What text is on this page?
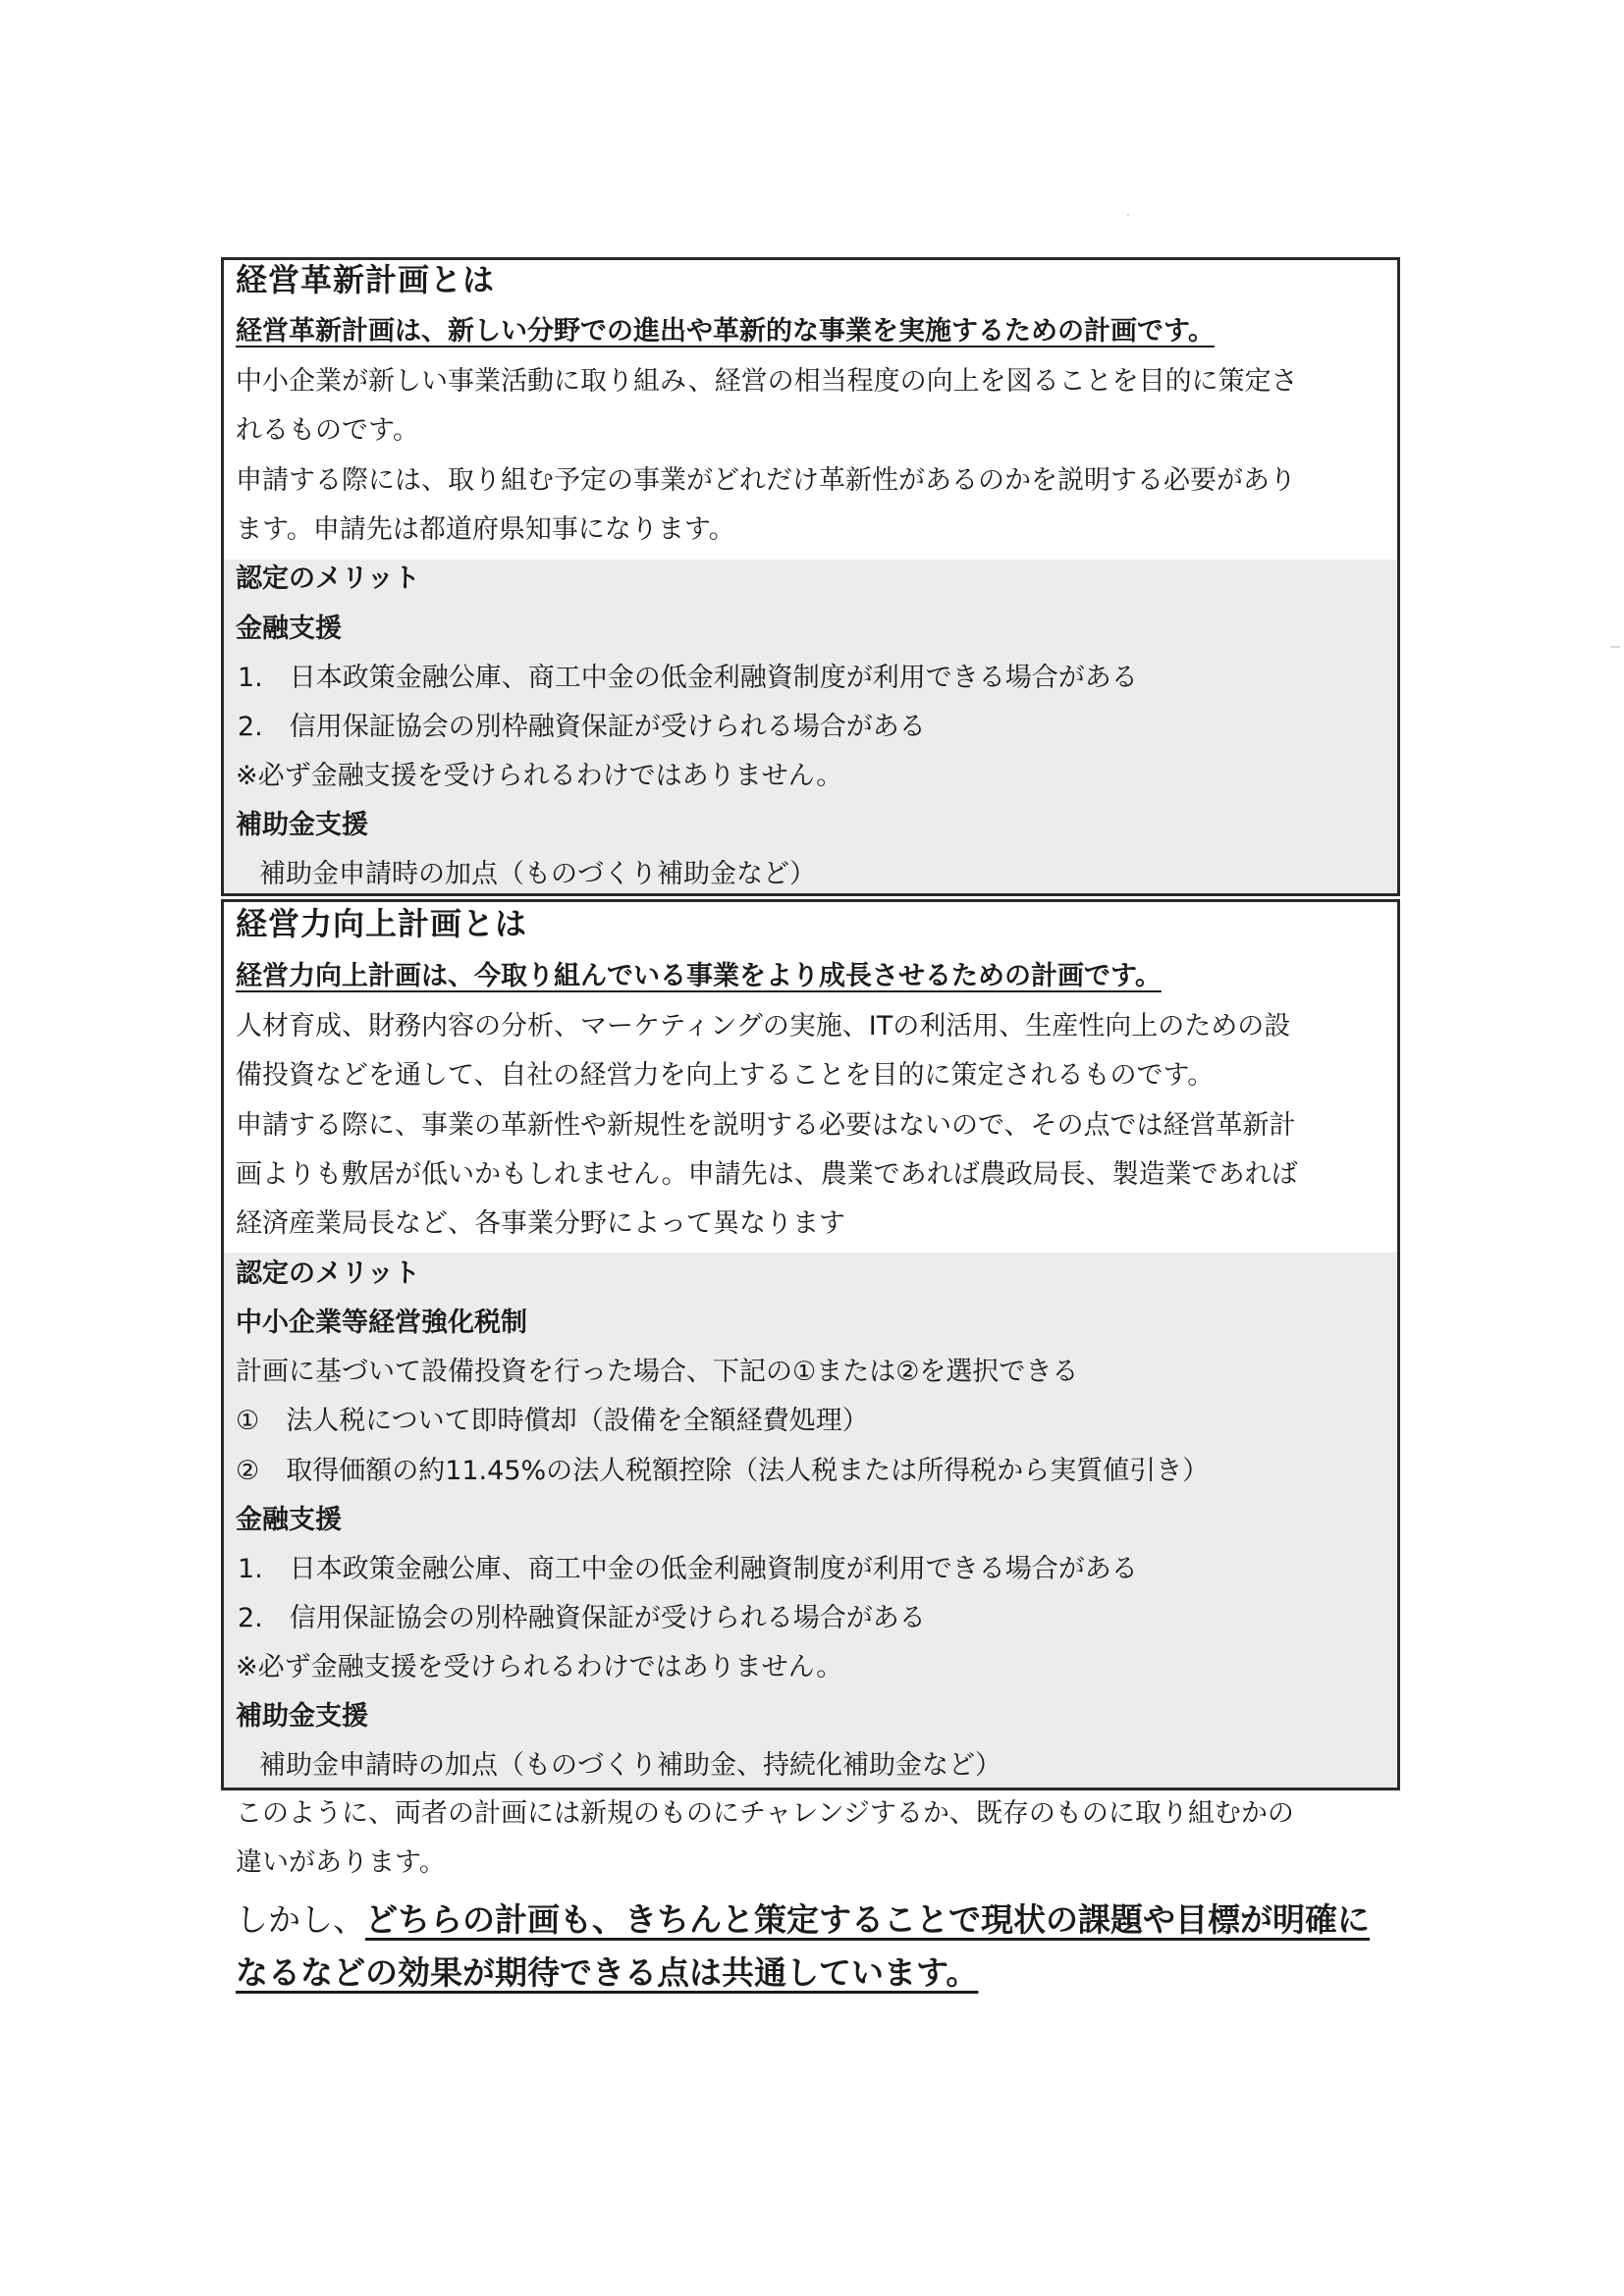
経営革新計画とは
経営革新計画は、新しい分野での進出や革新的な事業を実施するための計画です。
中小企業が新しい事業活動に取り組み、経営の相当程度の向上を図ることを目的に策定さ
れるものです。
申請する際には、取り組む予定の事業がどれだけ革新性があるのかを説明する必要があり
ます。申請先は都道府県知事になります。
認定のメリット
金融支援
1.　日本政策金融公庫、商工中金の低金利融資制度が利用できる場合がある
2.　信用保証協会の別枠融資保証が受けられる場合がある
※必ず金融支援を受けられるわけではありません。
補助金支援
補助金申請時の加点（ものづくり補助金など）
経営力向上計画とは
経営力向上計画は、今取り組んでいる事業をより成長させるための計画です。
人材育成、財務内容の分析、マーケティングの実施、ITの利活用、生産性向上のための設
備投資などを通して、自社の経営力を向上することを目的に策定されるものです。
申請する際に、事業の革新性や新規性を説明する必要はないので、その点では経営革新計
画よりも敷居が低いかもしれません。申請先は、農業であれば農政局長、製造業であれば
経済産業局長など、各事業分野によって異なります
認定のメリット
中小企業等経営強化税制
計画に基づいて設備投資を行った場合、下記の①または②を選択できる
①　法人税について即時償却（設備を全額経費処理）
②　取得価額の約11.45%の法人税額控除（法人税または所得税から実質値引き）
金融支援
1.　日本政策金融公庫、商工中金の低金利融資制度が利用できる場合がある
2.　信用保証協会の別枠融資保証が受けられる場合がある
※必ず金融支援を受けられるわけではありません。
補助金支援
補助金申請時の加点（ものづくり補助金、持続化補助金など）
このように、両者の計画には新規のものにチャレンジするか、既存のものに取り組むかの
違いがあります。
しかし、どちらの計画も、きちんと策定することで現状の課題や目標が明確に
なるなどの効果が期待できる点は共通しています。
